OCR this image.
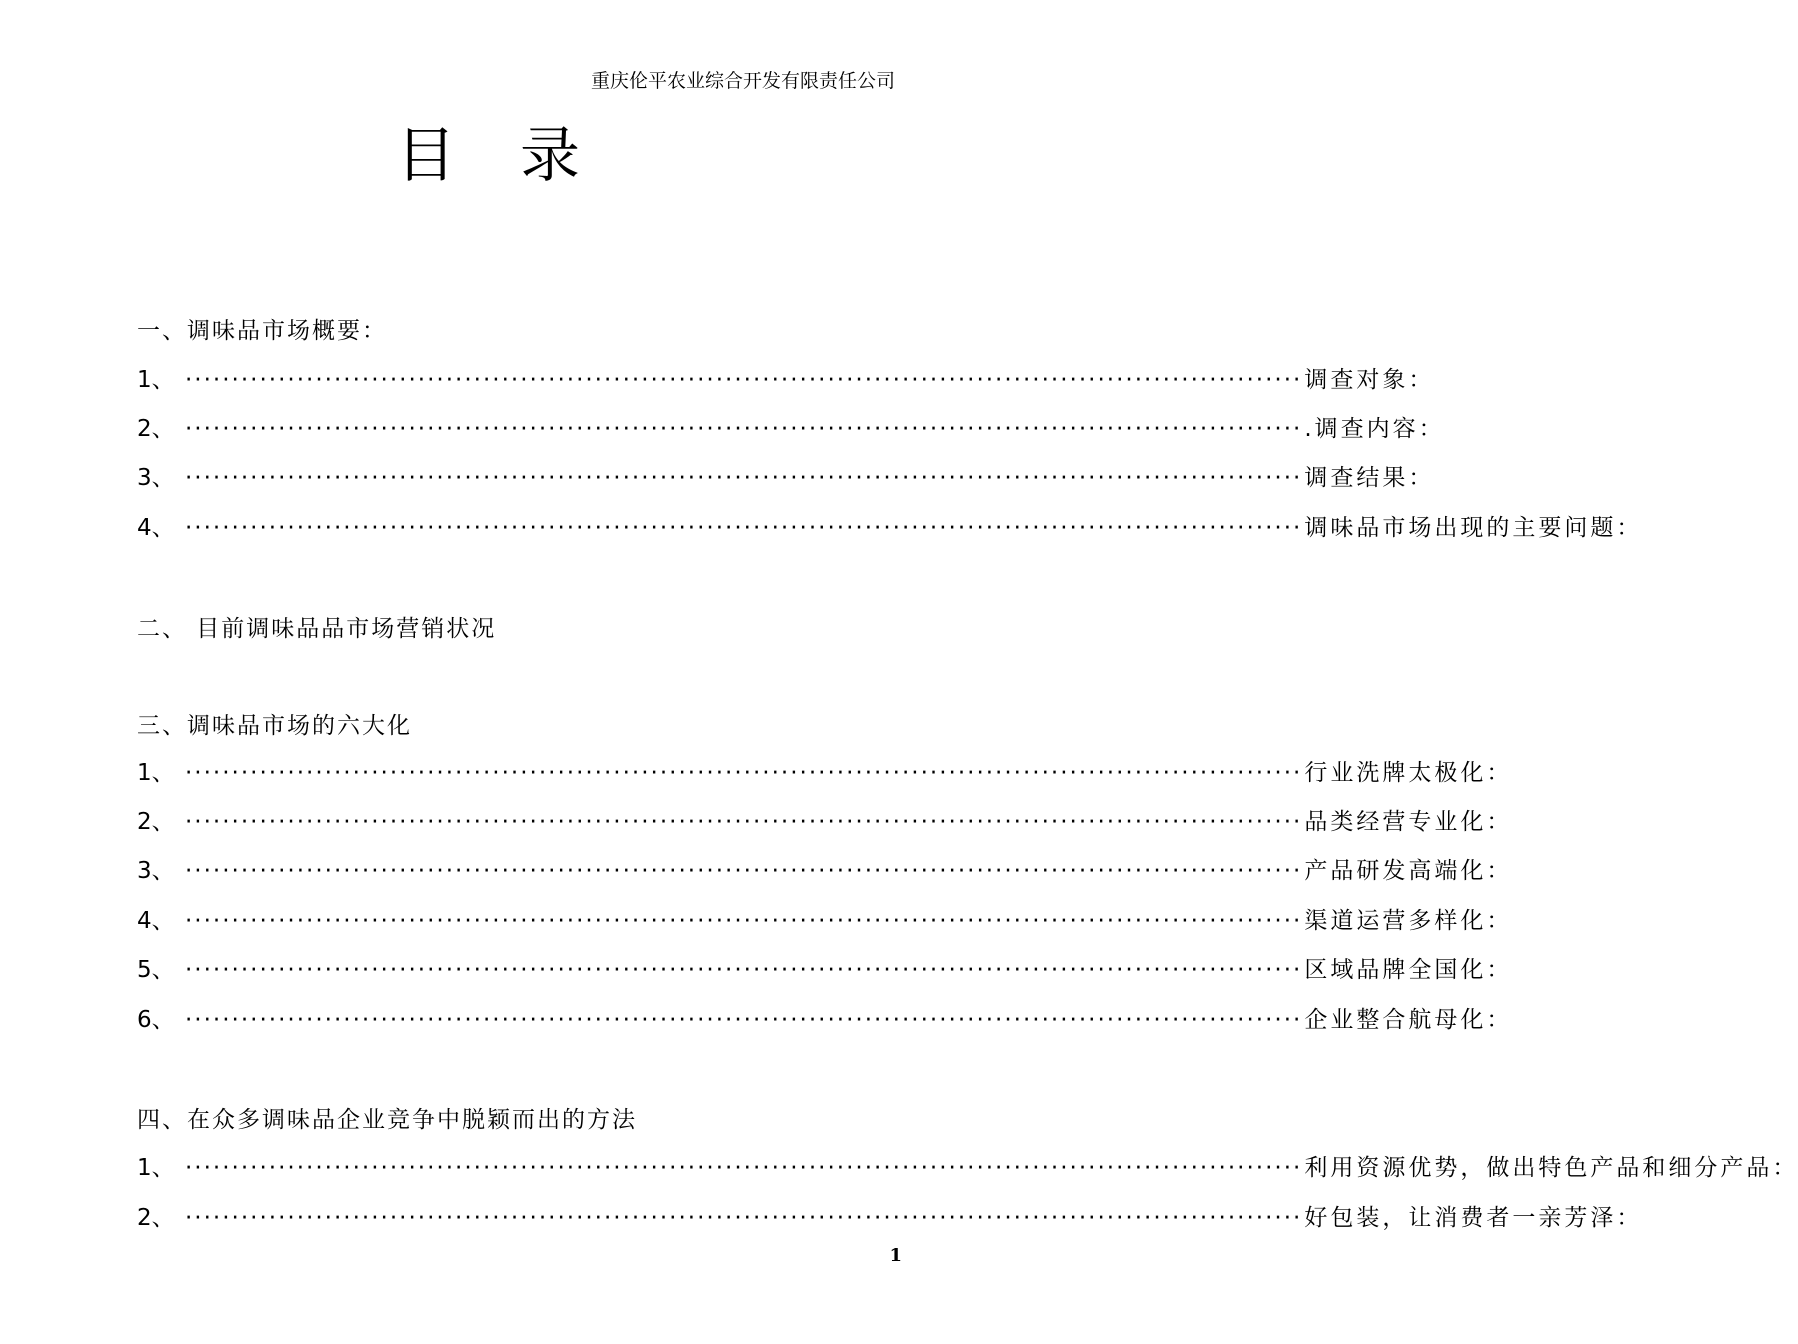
重庆伦平农业综合开发有限责任公司
目录
一、调味品市场概要：
1、 ························································································································ 调查对象：
2、 ························································································································ .调查内容：
3、 ························································································································ 调查结果：
4、 ························································································································ 调味品市场出现的主要问题：
二、 目前调味品品市场营销状况
三、调味品市场的六大化
1、 ························································································································ 行业洗牌太极化：
2、 ························································································································ 品类经营专业化：
3、 ························································································································ 产品研发高端化：
4、 ························································································································ 渠道运营多样化：
5、 ························································································································ 区域品牌全国化：
6、 ························································································································ 企业整合航母化：
四、在众多调味品企业竞争中脱颖而出的方法
1、 ························································································································ 利用资源优势，做出特色产品和细分产品：
2、 ························································································································ 好包装，让消费者一亲芳泽：
1
